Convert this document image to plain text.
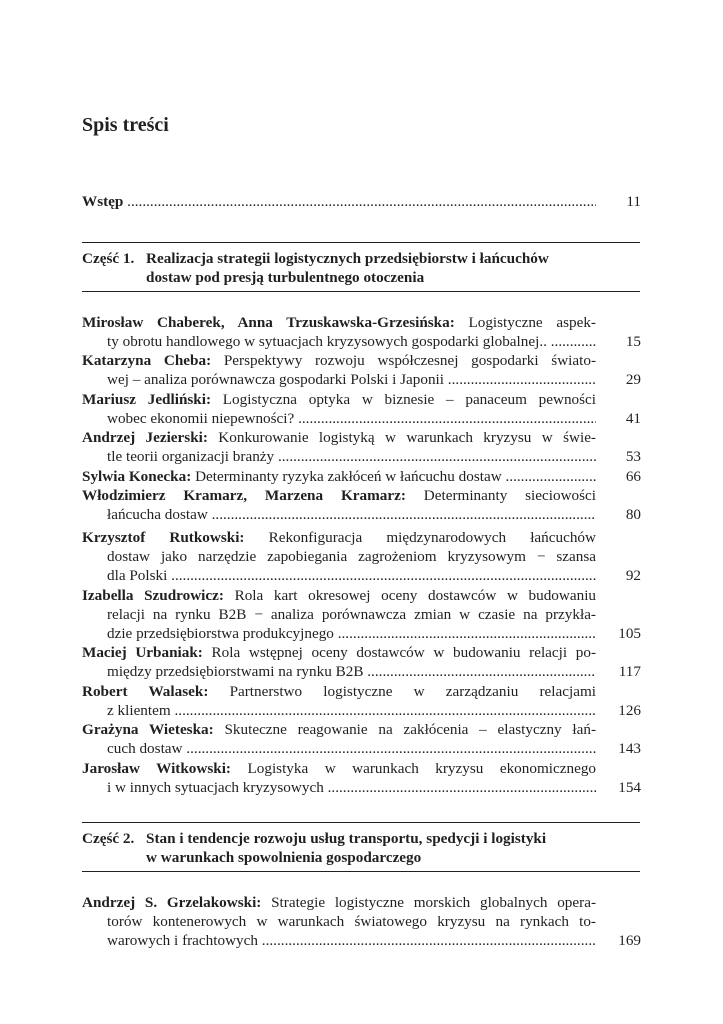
Spis treści
Wstęp .....	11
Część 1. Realizacja strategii logistycznych przedsiębiorstw i łańcuchów
dostaw pod presją turbulentnego otoczenia
Mirosław Chaberek, Anna Trzuskawska-Grzesińska: Logistyczne aspek-
ty obrotu handlowego w sytuacjach kryzysowych gospodarki globalnej.. .....	15
Katarzyna Cheba: Perspektywy rozwoju współczesnej gospodarki świato-
wej – analiza porównawcza gospodarki Polski i Japonii .....	29
Mariusz Jedliński: Logistyczna optyka w biznesie – panaceum pewności
wobec ekonomii niepewności? .....	41
Andrzej Jezierski: Konkurowanie logistyką w warunkach kryzysu w świe-
tle teorii organizacji branży .....	53
Sylwia Konecka: Determinanty ryzyka zakłóceń w łańcuchu dostaw .....	66
Włodzimierz Kramarz, Marzena Kramarz: Determinanty sieciowości
łańcucha dostaw .....	80
Krzysztof Rutkowski: Rekonfiguracja międzynarodowych łańcuchów
dostaw jako narzędzie zapobiegania zagrożeniom kryzysowym − szansa
dla Polski .....	92
Izabella Szudrowicz: Rola kart okresowej oceny dostawców w budowaniu
relacji na rynku B2B − analiza porównawcza zmian w czasie na przykła-
dzie przedsiębiorstwa produkcyjnego .....	105
Maciej Urbaniak: Rola wstępnej oceny dostawców w budowaniu relacji po-
między przedsiębiorstwami na rynku B2B .....	117
Robert Walasek: Partnerstwo logistyczne w zarządzaniu relacjami
z klientem .....	126
Grażyna Wieteska: Skuteczne reagowanie na zakłócenia – elastyczny łań-
cuch dostaw .....	143
Jarosław Witkowski: Logistyka w warunkach kryzysu ekonomicznego
i w innych sytuacjach kryzysowych .....	154
Część 2. Stan i tendencje rozwoju usług transportu, spedycji i logistyki
w warunkach spowolnienia gospodarczego
Andrzej S. Grzelakowski: Strategie logistyczne morskich globalnych opera-
torów kontenerowych w warunkach światowego kryzysu na rynkach to-
warowych i frachtowych .....	169
